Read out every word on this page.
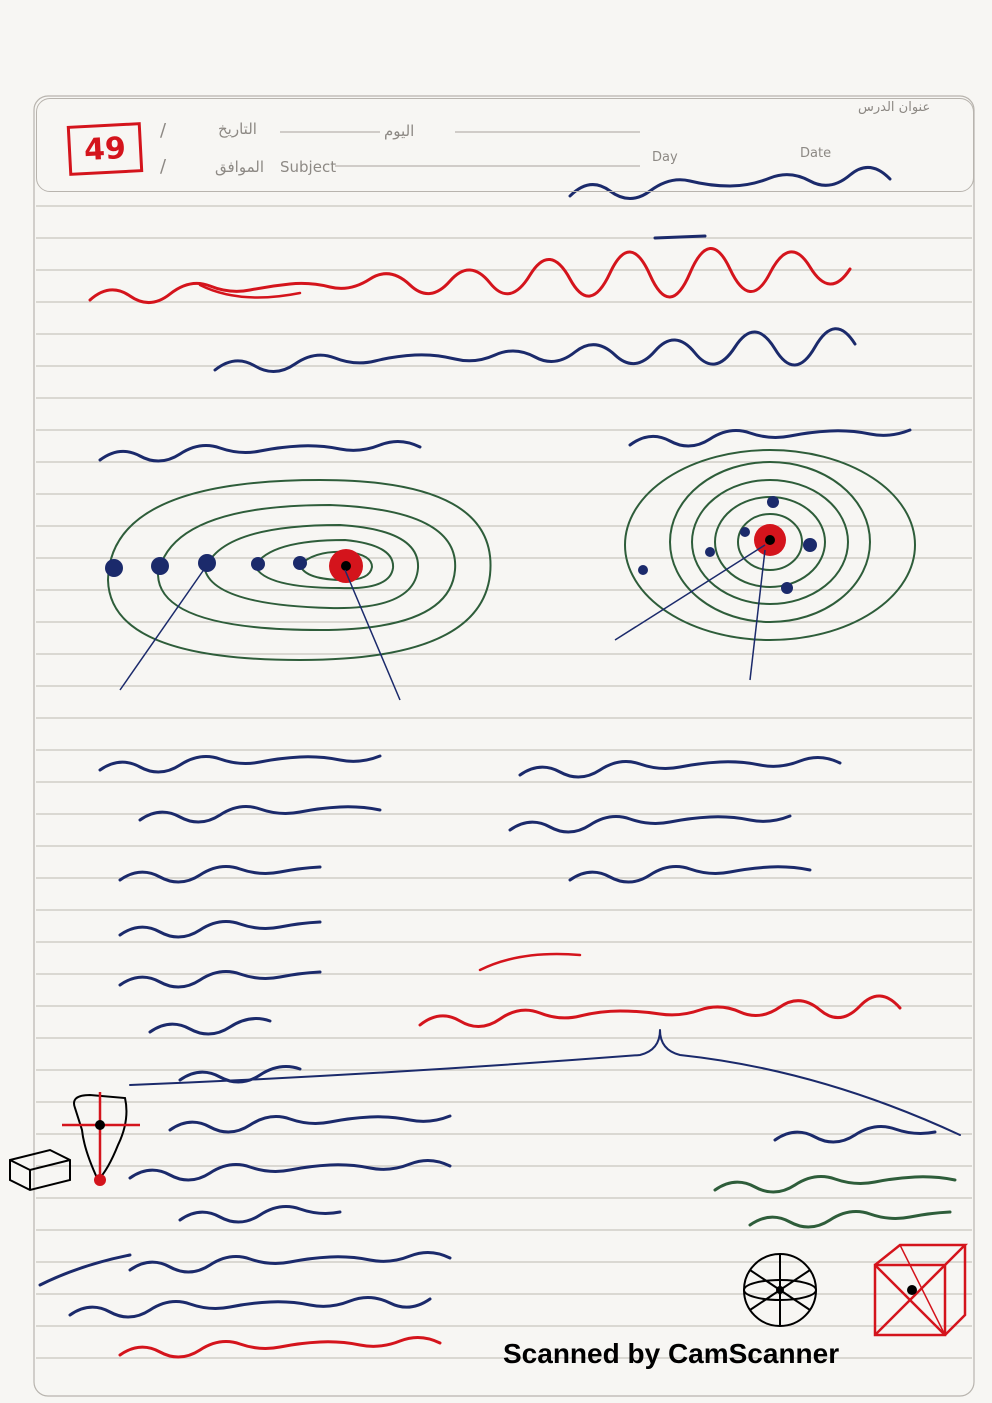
49	/
/
التاريخ	اليوم
الموافق Subject
Day	Date
عنوان الدرس
Scanned by CamScanner
